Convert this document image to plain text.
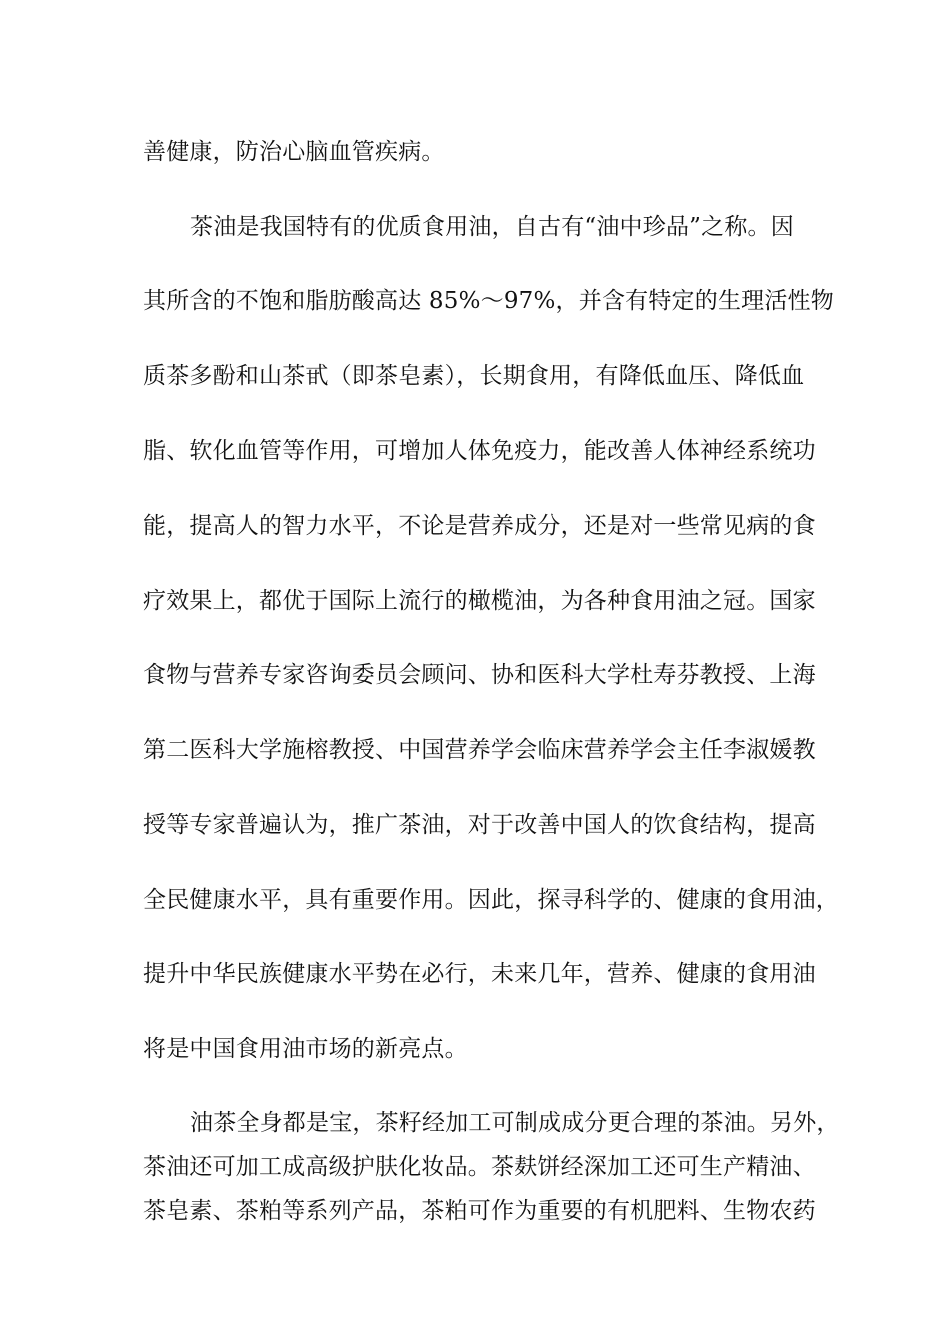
善健康，防治心脑血管疾病。
茶油是我国特有的优质食用油，自古有“油中珍品”之称。因
其所含的不饱和脂肪酸高达 85%～97%，并含有特定的生理活性物
质茶多酚和山茶甙（即茶皂素），长期食用，有降低血压、降低血
脂、软化血管等作用，可增加人体免疫力，能改善人体神经系统功
能，提高人的智力水平，不论是营养成分，还是对一些常见病的食
疗效果上，都优于国际上流行的橄榄油，为各种食用油之冠。国家
食物与营养专家咨询委员会顾问、协和医科大学杜寿芬教授、上海
第二医科大学施榕教授、中国营养学会临床营养学会主任李淑媛教
授等专家普遍认为，推广茶油，对于改善中国人的饮食结构，提高
全民健康水平，具有重要作用。因此，探寻科学的、健康的食用油，
提升中华民族健康水平势在必行，未来几年，营养、健康的食用油
将是中国食用油市场的新亮点。
油茶全身都是宝，茶籽经加工可制成成分更合理的茶油。另外，
茶油还可加工成高级护肤化妆品。茶麸饼经深加工还可生产精油、
茶皂素、茶粕等系列产品，茶粕可作为重要的有机肥料、生物农药
